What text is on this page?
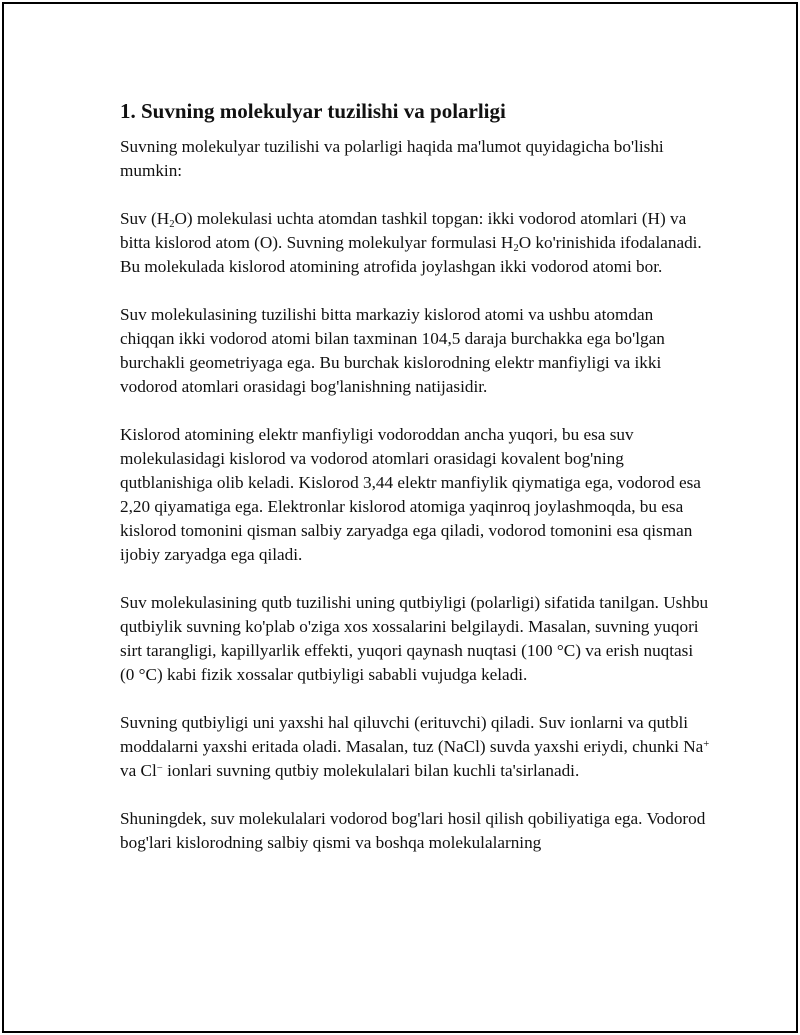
1. Suvning molekulyar tuzilishi va polarligi

Suvning molekulyar tuzilishi va polarligi haqida ma'lumot quyidagicha bo'lishi mumkin:

Suv $(H_2O)$ molekulasi uchta atomdan tashkil topgan: ikki vodorod atomlari (H) va bitta kislorod atom (O). Suvning molekulyar formulasi $H_2O$ ko'rinishida ifodalanadi. Bu molekulada kislorod atomining atrofida joylashgan ikki vodorod atomi bor.

Suv molekulasining tuzilishi bitta markaziy kislorod atomi va ushbu atomdan chiqqan ikki vodorod atomi bilan taxminan 104,5 daraja burchakka ega bo'lgan burchakli geometriyaga ega. Bu burchak kislorodning elektr manfiyligi va ikki vodorod atomlari orasidagi bog'lanishning natijasidir.

Kislorod atomining elektr manfiyligi vodoroddan ancha yuqori, bu esa suv molekulasidagi kislorod va vodorod atomlari orasidagi kovalent bog'ning qutblanishiga olib keladi. Kislorod 3,44 elektr manfiylik qiymatiga ega, vodorod esa 2,20 qiyamatiga ega. Elektronlar kislorod atomiga yaqinroq joylashmoqda, bu esa kislorod tomonini qisman salbiy zaryadga ega qiladi, vodorod tomonini esa qisman ijobiy zaryadga ega qiladi.

Suv molekulasining qutb tuzilishi uning qutbiyligi (polarligi) sifatida tanilgan. Ushbu qutbiylik suvning ko'plab o'ziga xos xossalarini belgilaydi. Masalan, suvning yuqori sirt tarangligi, kapillyarlik effekti, yuqori qaynash nuqtasi (100 °C) va erish nuqtasi (0 °C) kabi fizik xossalar qutbiyligi sababli vujudga keladi.

Suvning qutbiyligi uni yaxshi hal qiluvchi (erituvchi) qiladi. Suv ionlarni va qutbli moddalarni yaxshi eritada oladi. Masalan, tuz (NaCl) suvda yaxshi eriydi, chunki Na+ va Cl− ionlari suvning qutbiy molekulalari bilan kuchli ta'sirlanadi.

Shuningdek, suv molekulalari vodorod bog'lari hosil qilish qobiliyatiga ega. Vodorod bog'lari kislorodning salbiy qismi va boshqa molekulalarning
